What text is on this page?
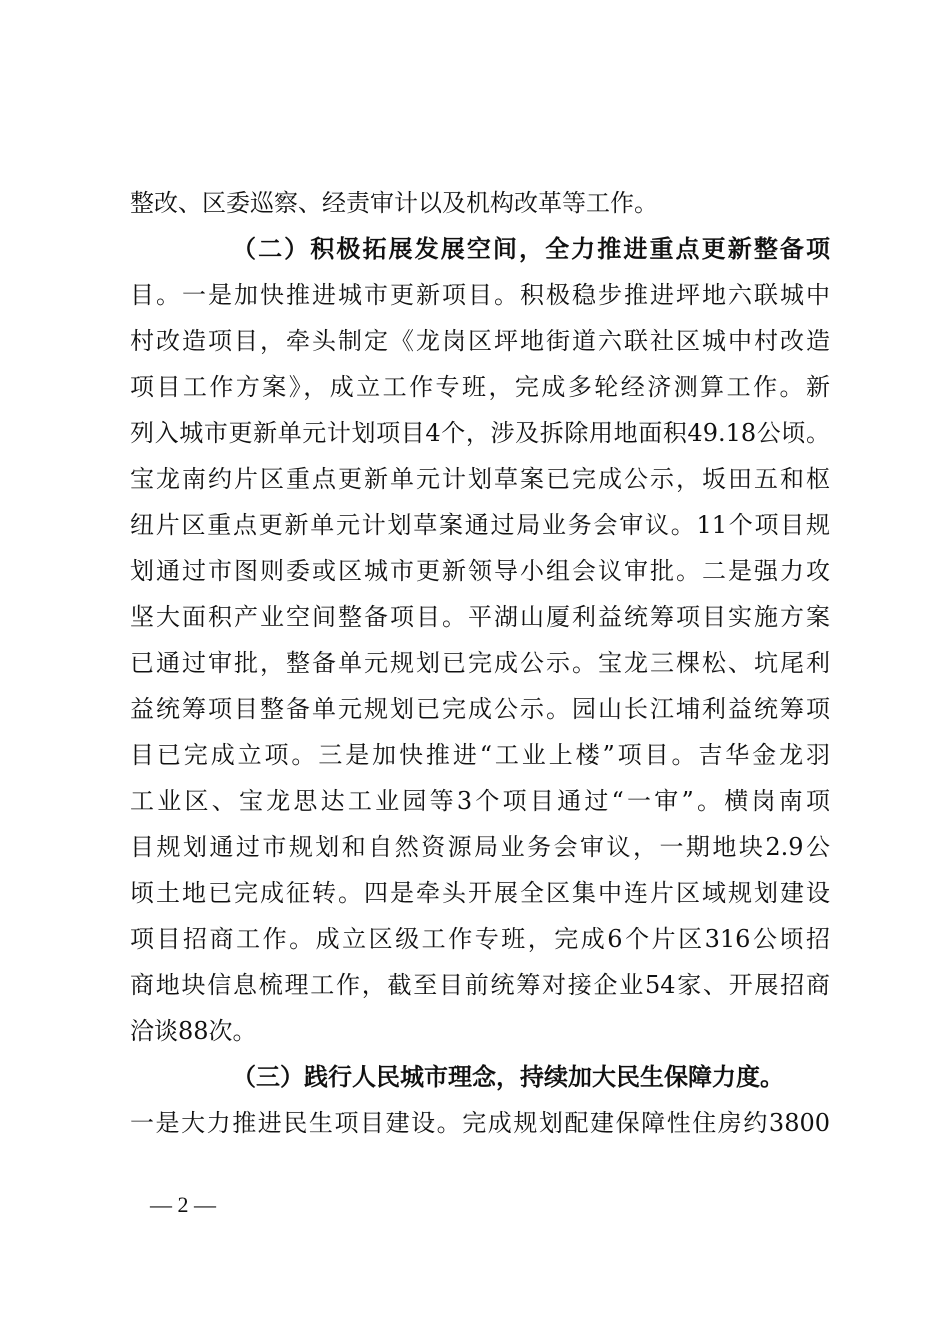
整改、区委巡察、经责审计以及机构改革等工作。
（二）积极拓展发展空间，全力推进重点更新整备项
目。一是加快推进城市更新项目。积极稳步推进坪地六联城中
村改造项目，牵头制定《龙岗区坪地街道六联社区城中村改造
项目工作方案》，成立工作专班，完成多轮经济测算工作。新
列入城市更新单元计划项目4个，涉及拆除用地面积49.18公顷。
宝龙南约片区重点更新单元计划草案已完成公示，坂田五和枢
纽片区重点更新单元计划草案通过局业务会审议。11个项目规
划通过市图则委或区城市更新领导小组会议审批。二是强力攻
坚大面积产业空间整备项目。平湖山厦利益统筹项目实施方案
已通过审批，整备单元规划已完成公示。宝龙三棵松、坑尾利
益统筹项目整备单元规划已完成公示。园山长江埔利益统筹项
目已完成立项。三是加快推进“工业上楼”项目。吉华金龙羽
工业区、宝龙思达工业园等3个项目通过“一审”。横岗南项
目规划通过市规划和自然资源局业务会审议，一期地块2.9公
顷土地已完成征转。四是牵头开展全区集中连片区域规划建设
项目招商工作。成立区级工作专班，完成6个片区316公顷招
商地块信息梳理工作，截至目前统筹对接企业54家、开展招商
洽谈88次。
（三）践行人民城市理念，持续加大民生保障力度。
一是大力推进民生项目建设。完成规划配建保障性住房约3800
— 2 —
